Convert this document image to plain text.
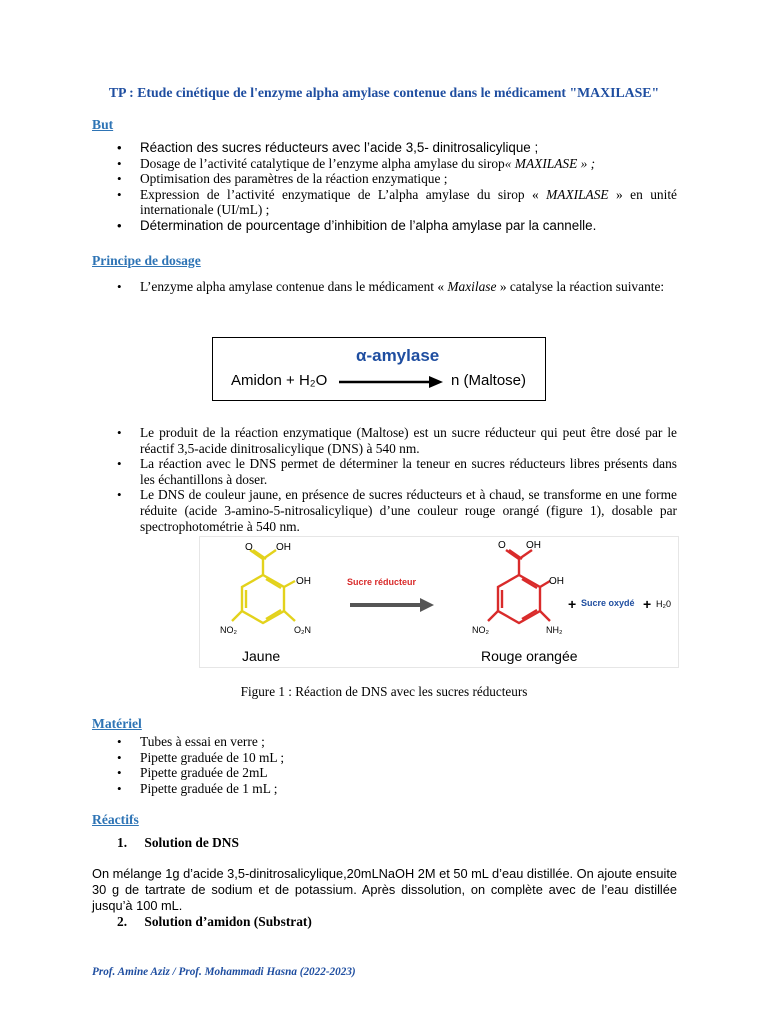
TP : Etude cinétique de l'enzyme alpha amylase contenue dans le médicament "MAXILASE"
But
• Réaction des sucres réducteurs avec l’acide 3,5- dinitrosalicylique ;
• Dosage de l’activité catalytique de l’enzyme alpha amylase du sirop« MAXILASE » ;
• Optimisation des paramètres de la réaction enzymatique ;
• Expression de l’activité enzymatique de L’alpha amylase du sirop « MAXILASE » en unité internationale (UI/mL) ;
• Détermination de pourcentage d’inhibition de l’alpha amylase par la cannelle.
Principe de dosage
• L’enzyme alpha amylase contenue dans le médicament « Maxilase » catalyse la réaction suivante:
α-amylase
Amidon + H₂O	n (Maltose)
• Le produit de la réaction enzymatique (Maltose) est un sucre réducteur qui peut être dosé par le réactif 3,5-acide dinitrosalicylique (DNS) à 540 nm.
• La réaction avec le DNS permet de déterminer la teneur en sucres réducteurs libres présents dans les échantillons à doser.
• Le DNS de couleur jaune, en présence de sucres réducteurs et à chaud, se transforme en une forme réduite (acide 3-amino-5-nitrosalicylique) d’une couleur rouge orangé (figure 1), dosable par spectrophotométrie à 540 nm.
O OH
OH
NO₂	O₂N
Jaune
Sucre réducteur
O OH
OH
NO₂	NH₂
Rouge orangée
+ Sucre oxydé + H₂0
Figure 1 : Réaction de DNS avec les sucres réducteurs
Matériel
• Tubes à essai en verre ;
• Pipette graduée de 10 mL ;
• Pipette graduée de 2mL
• Pipette graduée de 1 mL ;
Réactifs
1. Solution de DNS
On mélange 1g d’acide 3,5-dinitrosalicylique,20mLNaOH 2M et 50 mL d’eau distillée. On ajoute ensuite 30 g de tartrate de sodium et de potassium. Après dissolution, on complète avec de l’eau distillée jusqu’à 100 mL.
2. Solution d’amidon (Substrat)
Prof. Amine Aziz / Prof. Mohammadi Hasna (2022-2023)
